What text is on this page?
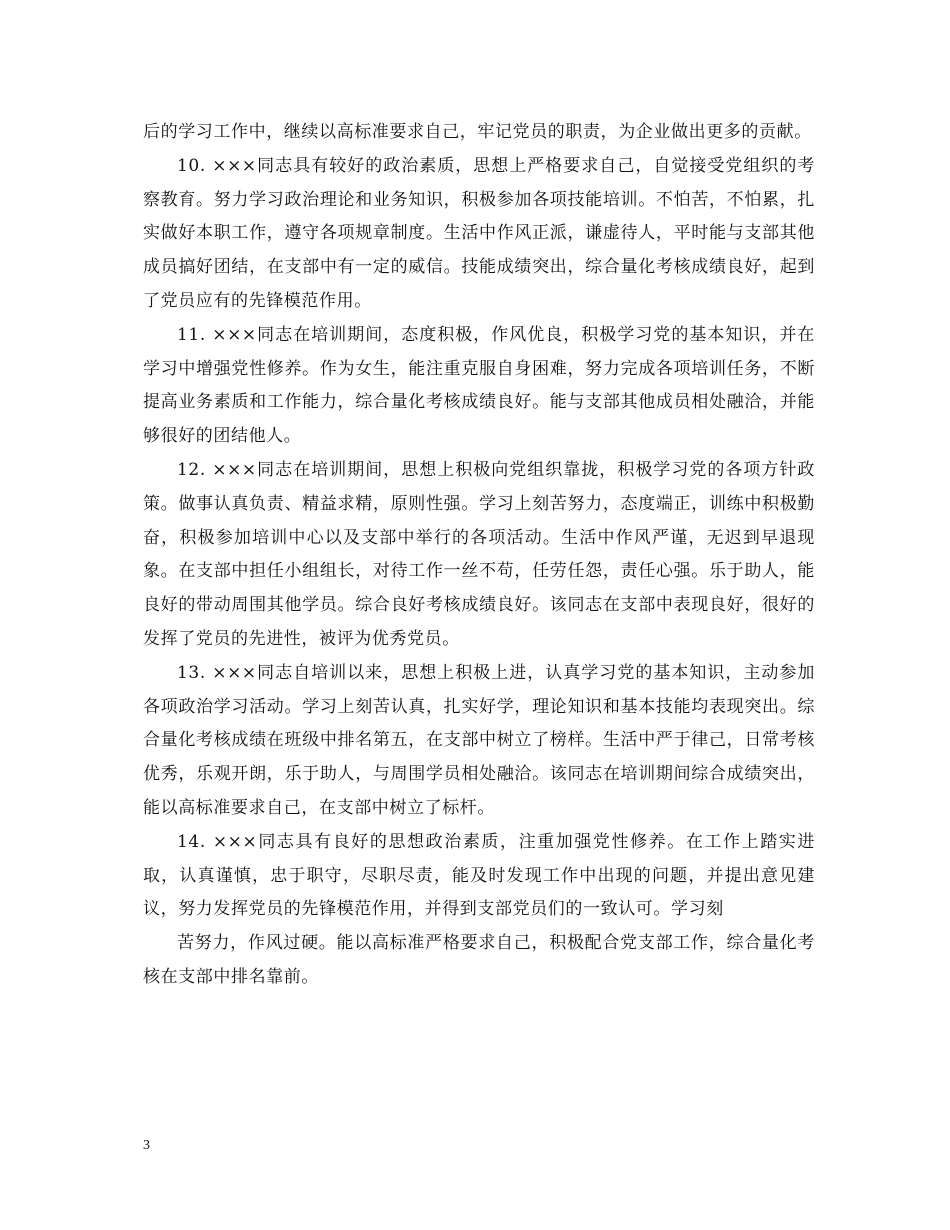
后的学习工作中，继续以高标准要求自己，牢记党员的职责，为企业做出更多的贡献。

10. ×××同志具有较好的政治素质，思想上严格要求自己，自觉接受党组织的考察教育。努力学习政治理论和业务知识，积极参加各项技能培训。不怕苦，不怕累，扎实做好本职工作，遵守各项规章制度。生活中作风正派，谦虚待人，平时能与支部其他成员搞好团结，在支部中有一定的威信。技能成绩突出，综合量化考核成绩良好，起到了党员应有的先锋模范作用。

11. ×××同志在培训期间，态度积极，作风优良，积极学习党的基本知识，并在学习中增强党性修养。作为女生，能注重克服自身困难，努力完成各项培训任务，不断提高业务素质和工作能力，综合量化考核成绩良好。能与支部其他成员相处融洽，并能够很好的团结他人。

12. ×××同志在培训期间，思想上积极向党组织靠拢，积极学习党的各项方针政策。做事认真负责、精益求精，原则性强。学习上刻苦努力，态度端正，训练中积极勤奋，积极参加培训中心以及支部中举行的各项活动。生活中作风严谨，无迟到早退现象。在支部中担任小组组长，对待工作一丝不苟，任劳任怨，责任心强。乐于助人，能良好的带动周围其他学员。综合良好考核成绩良好。该同志在支部中表现良好，很好的发挥了党员的先进性，被评为优秀党员。

13. ×××同志自培训以来，思想上积极上进，认真学习党的基本知识，主动参加各项政治学习活动。学习上刻苦认真，扎实好学，理论知识和基本技能均表现突出。综合量化考核成绩在班级中排名第五，在支部中树立了榜样。生活中严于律己，日常考核优秀，乐观开朗，乐于助人，与周围学员相处融洽。该同志在培训期间综合成绩突出，能以高标准要求自己，在支部中树立了标杆。

14. ×××同志具有良好的思想政治素质，注重加强党性修养。在工作上踏实进取，认真谨慎，忠于职守，尽职尽责，能及时发现工作中出现的问题，并提出意见建议，努力发挥党员的先锋模范作用，并得到支部党员们的一致认可。学习刻

苦努力，作风过硬。能以高标准严格要求自己，积极配合党支部工作，综合量化考核在支部中排名靠前。

3
